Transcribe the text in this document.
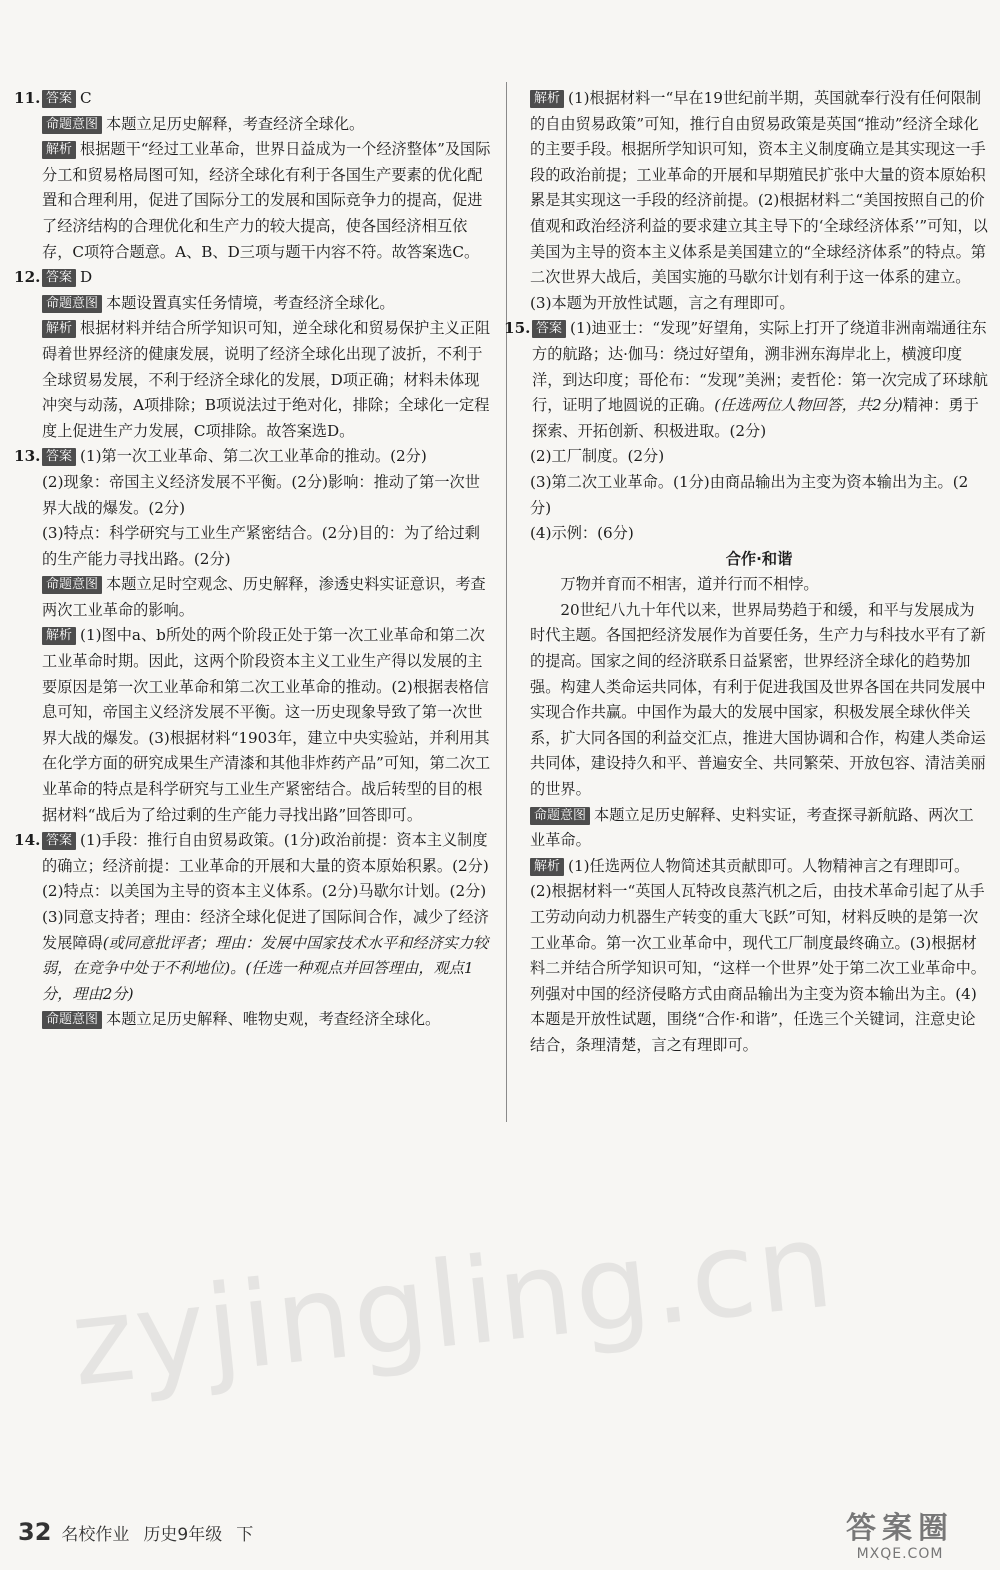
11. 答案 C
命题意图 本题立足历史解释，考查经济全球化。
解析 根据题干“经过工业革命，世界日益成为一个经济整体”及国际分工和贸易格局图可知，经济全球化有利于各国生产要素的优化配置和合理利用，促进了国际分工的发展和国际竞争力的提高，促进了经济结构的合理优化和生产力的较大提高，使各国经济相互依存，C项符合题意。A、B、D三项与题干内容不符。故答案选C。
12. 答案 D
命题意图 本题设置真实任务情境，考查经济全球化。
解析 根据材料并结合所学知识可知，逆全球化和贸易保护主义正阻碍着世界经济的健康发展，说明了经济全球化出现了波折，不利于全球贸易发展，不利于经济全球化的发展，D项正确；材料未体现冲突与动荡，A项排除；B项说法过于绝对化，排除；全球化一定程度上促进生产力发展，C项排除。故答案选D。
13. 答案 (1)第一次工业革命、第二次工业革命的推动。(2分)
(2)现象：帝国主义经济发展不平衡。(2分)影响：推动了第一次世界大战的爆发。(2分)
(3)特点：科学研究与工业生产紧密结合。(2分)目的：为了给过剩的生产能力寻找出路。(2分)
命题意图 本题立足时空观念、历史解释，渗透史料实证意识，考查两次工业革命的影响。
解析 (1)图中a、b所处的两个阶段正处于第一次工业革命和第二次工业革命时期。因此，这两个阶段资本主义工业生产得以发展的主要原因是第一次工业革命和第二次工业革命的推动。(2)根据表格信息可知，帝国主义经济发展不平衡。这一历史现象导致了第一次世界大战的爆发。(3)根据材料“1903年，建立中央实验站，并利用其在化学方面的研究成果生产清漆和其他非炸药产品”可知，第二次工业革命的特点是科学研究与工业生产紧密结合。战后转型的目的根据材料“战后为了给过剩的生产能力寻找出路”回答即可。
14. 答案 (1)手段：推行自由贸易政策。(1分)政治前提：资本主义制度的确立；经济前提：工业革命的开展和大量的资本原始积累。(2分)
(2)特点：以美国为主导的资本主义体系。(2分)马歇尔计划。(2分)
(3)同意支持者；理由：经济全球化促进了国际间合作，减少了经济发展障碍(或同意批评者；理由：发展中国家技术水平和经济实力较弱，在竞争中处于不利地位)。(任选一种观点并回答理由，观点1分，理由2分)
命题意图 本题立足历史解释、唯物史观，考查经济全球化。
解析 (1)根据材料一“早在19世纪前半期，英国就奉行没有任何限制的自由贸易政策”可知，推行自由贸易政策是英国“推动”经济全球化的主要手段。根据所学知识可知，资本主义制度确立是其实现这一手段的政治前提；工业革命的开展和早期殖民扩张中大量的资本原始积累是其实现这一手段的经济前提。(2)根据材料二“美国按照自己的价值观和政治经济利益的要求建立其主导下的‘全球经济体系’”可知，以美国为主导的资本主义体系是美国建立的“全球经济体系”的特点。第二次世界大战后，美国实施的马歇尔计划有利于这一体系的建立。
(3)本题为开放性试题，言之有理即可。
15. 答案 (1)迪亚士：“发现”好望角，实际上打开了绕道非洲南端通往东方的航路；达·伽马：绕过好望角，溯非洲东海岸北上，横渡印度洋，到达印度；哥伦布：“发现”美洲；麦哲伦：第一次完成了环球航行，证明了地圆说的正确。(任选两位人物回答，共2分)精神：勇于探索、开拓创新、积极进取。(2分)
(2)工厂制度。(2分)
(3)第二次工业革命。(1分)由商品输出为主变为资本输出为主。(2分)
(4)示例：(6分)
合作·和谐
万物并育而不相害，道并行而不相悖。
20世纪八九十年代以来，世界局势趋于和缓，和平与发展成为时代主题。各国把经济发展作为首要任务，生产力与科技水平有了新的提高。国家之间的经济联系日益紧密，世界经济全球化的趋势加强。构建人类命运共同体，有利于促进我国及世界各国在共同发展中实现合作共赢。中国作为最大的发展中国家，积极发展全球伙伴关系，扩大同各国的利益交汇点，推进大国协调和合作，构建人类命运共同体，建设持久和平、普遍安全、共同繁荣、开放包容、清洁美丽的世界。
命题意图 本题立足历史解释、史料实证，考查探寻新航路、两次工业革命。
解析 (1)任选两位人物简述其贡献即可。人物精神言之有理即可。(2)根据材料一“英国人瓦特改良蒸汽机之后，由技术革命引起了从手工劳动向动力机器生产转变的重大飞跃”可知，材料反映的是第一次工业革命。第一次工业革命中，现代工厂制度最终确立。(3)根据材料二并结合所学知识可知，“这样一个世界”处于第二次工业革命中。列强对中国的经济侵略方式由商品输出为主变为资本输出为主。(4)本题是开放性试题，围绕“合作·和谐”，任选三个关键词，注意史论结合，条理清楚，言之有理即可。
zyjingling.cn
32 名校作业 历史9年级 下	答案圈
MXQE.COM
